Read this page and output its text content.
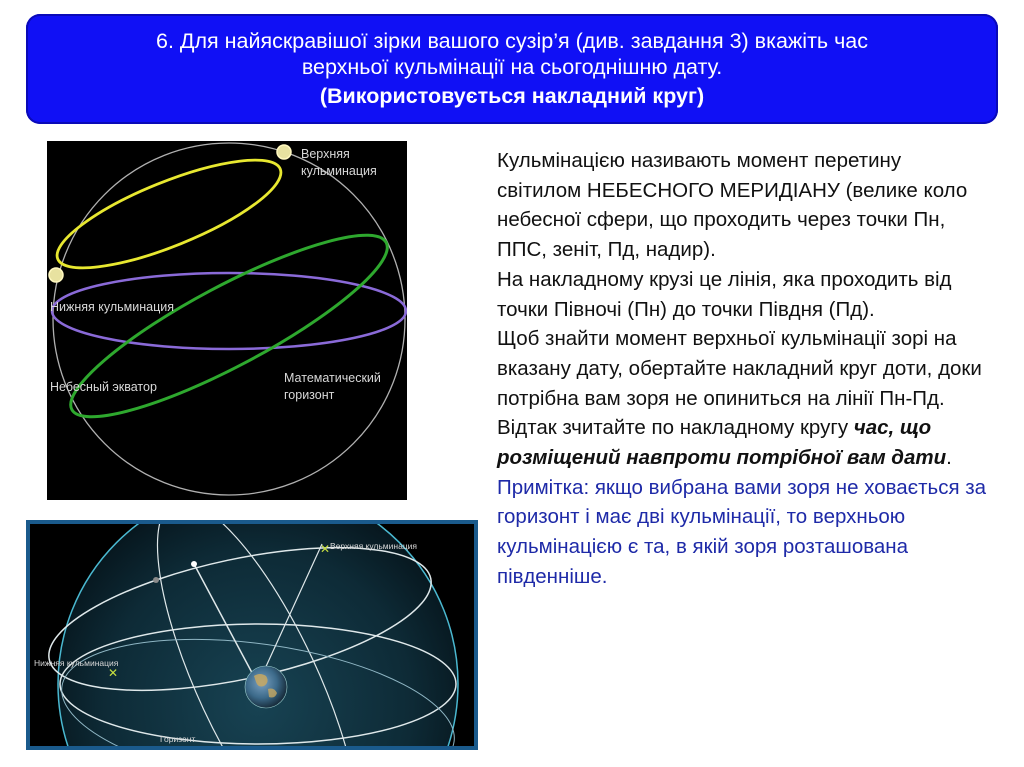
6. Для найяскравішої зірки вашого сузір’я (див. завдання 3) вкажіть час
верхньої кульмінації на сьогоднішню дату.
(Використовується накладний круг)
Верхняя
кульминация
Нижняя кульминация
Небесный экватор
Математический
горизонт
✕
✕
Верхняя кульминация
Нижняя кульминация
Горизонт

Кульмінацією називають момент перетину світилом НЕБЕСНОГО МЕРИДІАНУ (велике коло небесної сфери, що проходить через точки Пн, ППС, зеніт, Пд, надир).

На накладному крузі це лінія, яка проходить від точки Півночі (Пн) до точки Півдня (Пд).

Щоб знайти момент верхньої кульмінації зорі на вказану дату, обертайте накладний круг доти, доки потрібна вам зоря не опиниться на лінії Пн-Пд. Відтак зчитайте по накладному кругу час, що розміщений навпроти потрібної вам дати.

Примітка: якщо вибрана вами зоря не ховається за горизонт і має дві кульмінації, то верхньою кульмінацією є та, в якій зоря розташована південніше.
